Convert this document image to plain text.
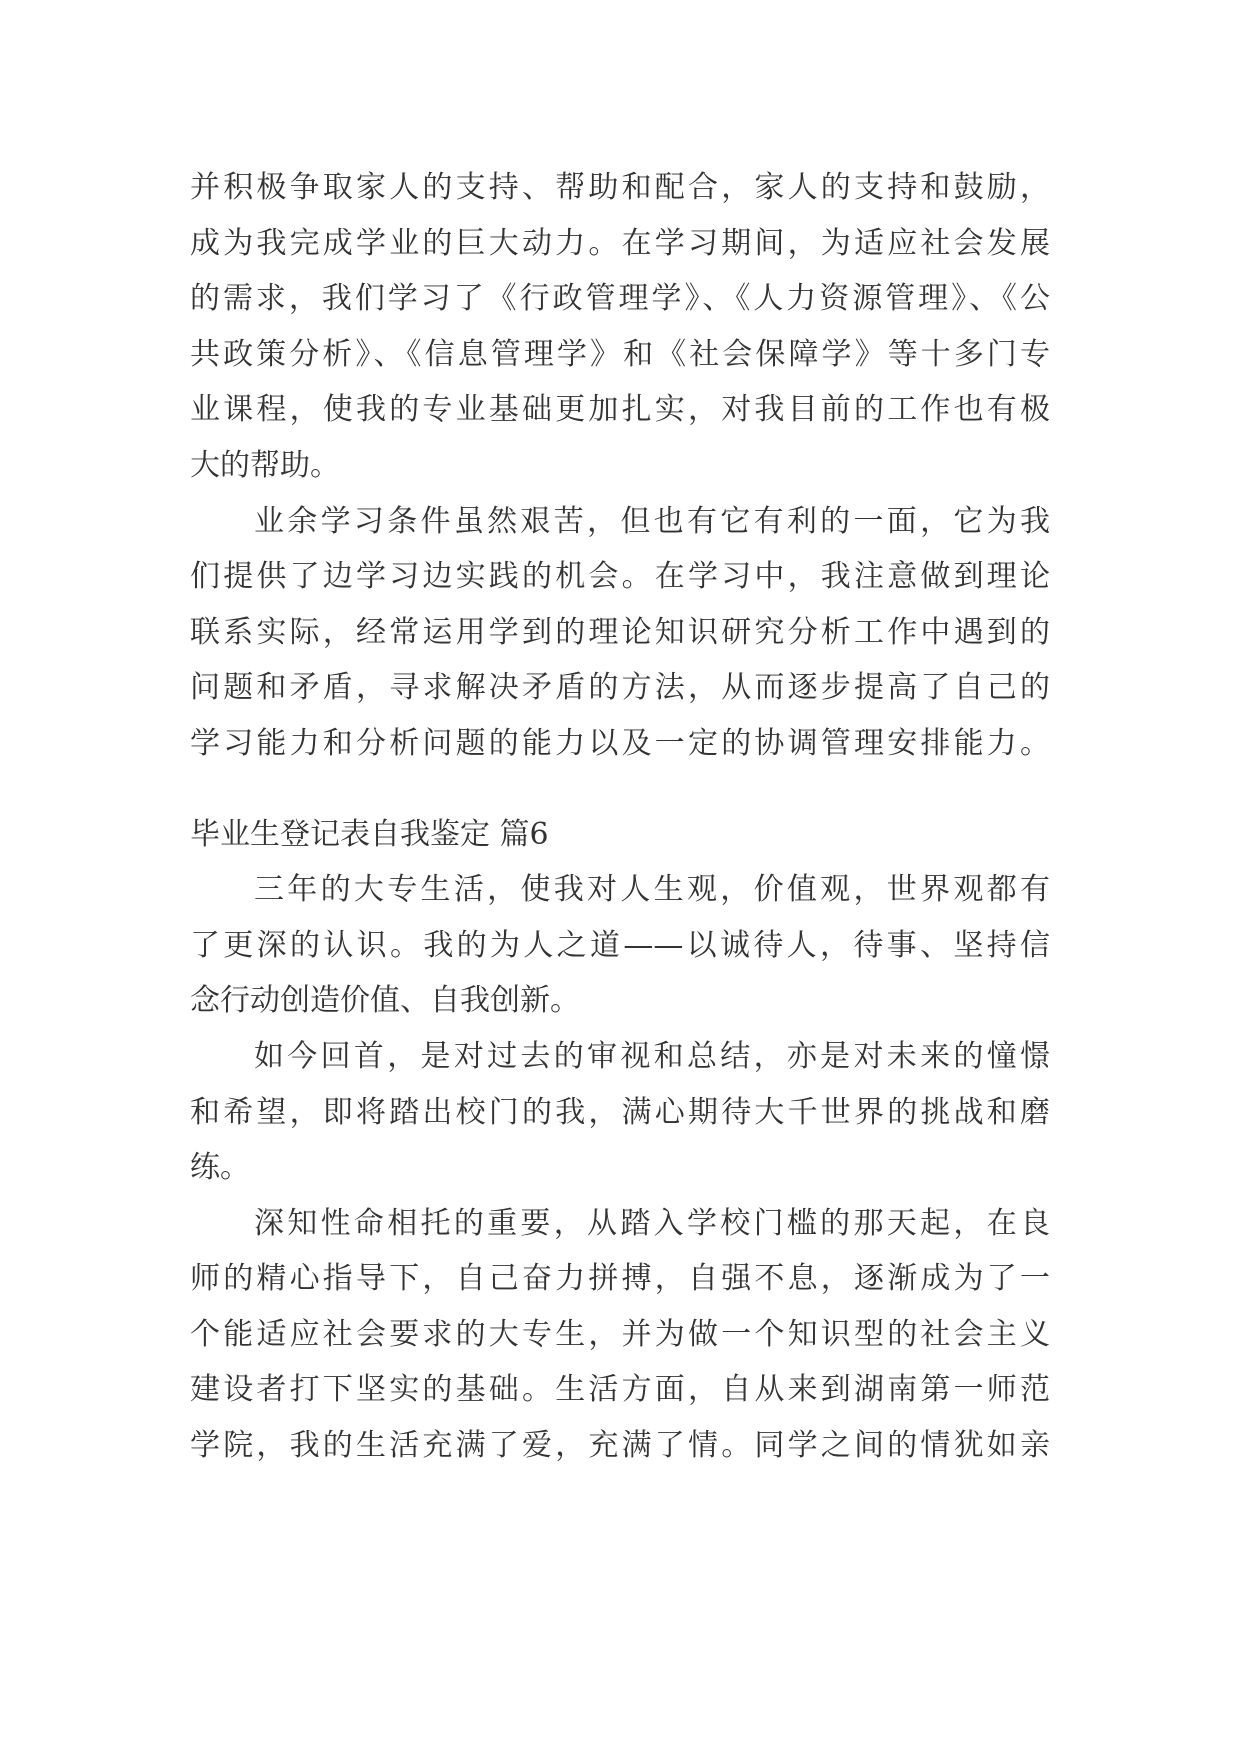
并积极争取家人的支持、帮助和配合，家人的支持和鼓励，
成为我完成学业的巨大动力。在学习期间，为适应社会发展
的需求，我们学习了《行政管理学》、《人力资源管理》、《公
共政策分析》、《信息管理学》和《社会保障学》等十多门专
业课程，使我的专业基础更加扎实，对我目前的工作也有极
大的帮助。
业余学习条件虽然艰苦，但也有它有利的一面，它为我
们提供了边学习边实践的机会。在学习中，我注意做到理论
联系实际，经常运用学到的理论知识研究分析工作中遇到的
问题和矛盾，寻求解决矛盾的方法，从而逐步提高了自己的
学习能力和分析问题的能力以及一定的协调管理安排能力。
毕业生登记表自我鉴定 篇6
三年的大专生活，使我对人生观，价值观，世界观都有
了更深的认识。我的为人之道——以诚待人，待事、坚持信
念行动创造价值、自我创新。
如今回首，是对过去的审视和总结，亦是对未来的憧憬
和希望，即将踏出校门的我，满心期待大千世界的挑战和磨
练。
深知性命相托的重要，从踏入学校门槛的那天起，在良
师的精心指导下，自己奋力拼搏，自强不息，逐渐成为了一
个能适应社会要求的大专生，并为做一个知识型的社会主义
建设者打下坚实的基础。生活方面，自从来到湖南第一师范
学院，我的生活充满了爱，充满了情。同学之间的情犹如亲
